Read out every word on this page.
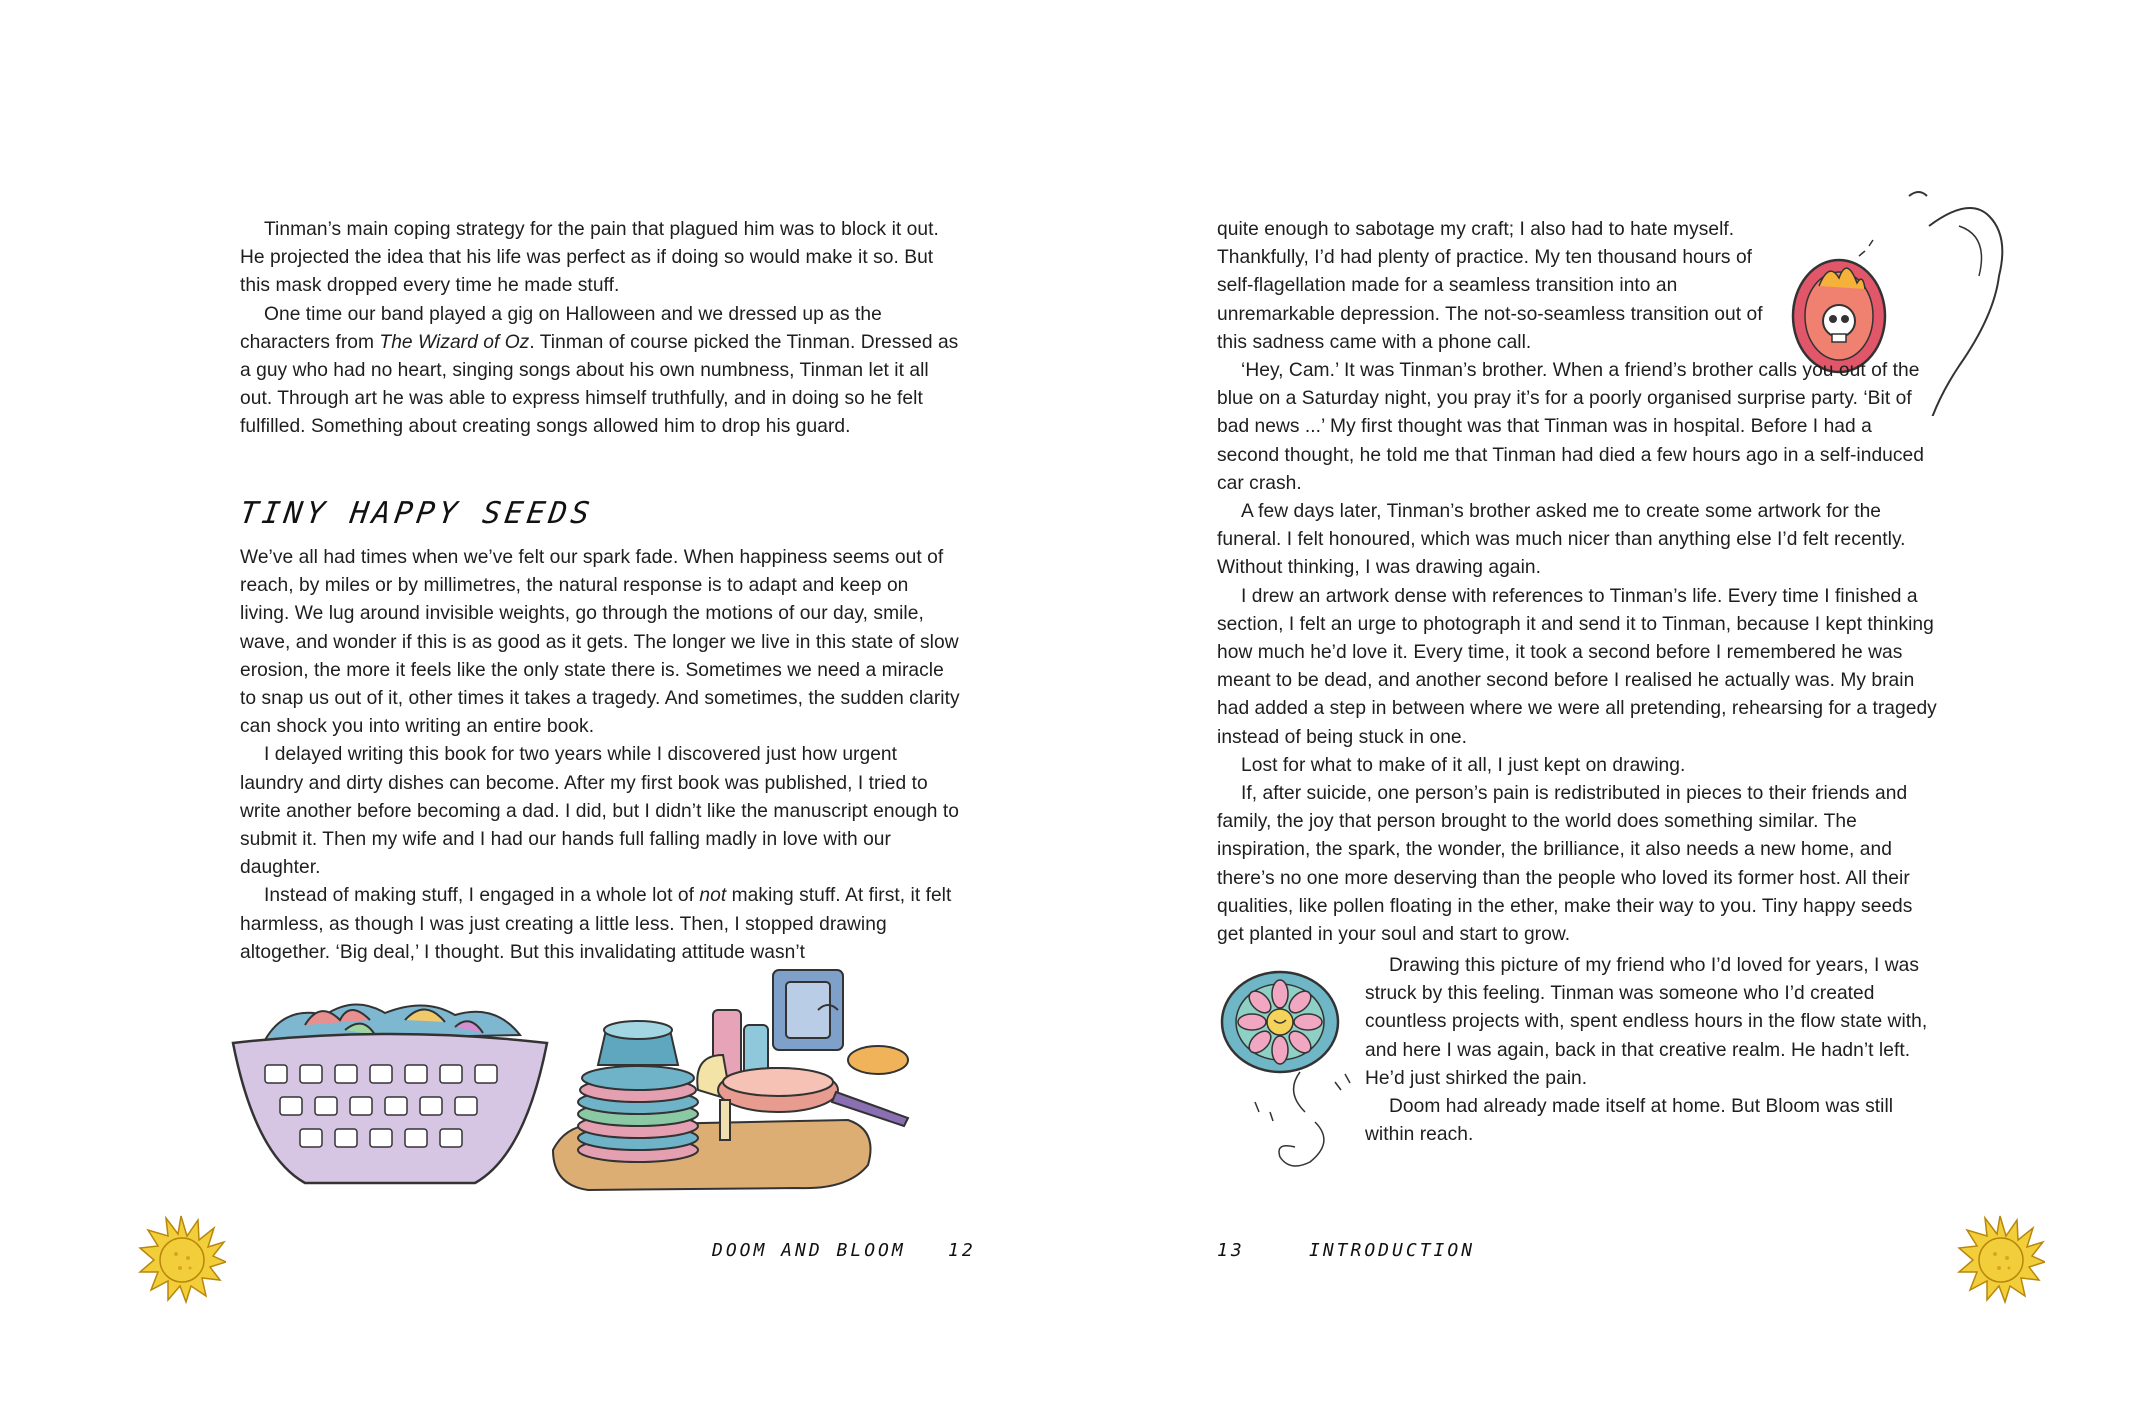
Tinman’s main coping strategy for the pain that plagued him was to block it out. He projected the idea that his life was perfect as if doing so would make it so. But this mask dropped every time he made stuff.

One time our band played a gig on Halloween and we dressed up as the characters from The Wizard of Oz. Tinman of course picked the Tinman. Dressed as a guy who had no heart, singing songs about his own numbness, Tinman let it all out. Through art he was able to express himself truthfully, and in doing so he felt fulfilled. Something about creating songs allowed him to drop his guard.

TINY HAPPY SEEDS

We’ve all had times when we’ve felt our spark fade. When happiness seems out of reach, by miles or by millimetres, the natural response is to adapt and keep on living. We lug around invisible weights, go through the motions of our day, smile, wave, and wonder if this is as good as it gets. The longer we live in this state of slow erosion, the more it feels like the only state there is. Sometimes we need a miracle to snap us out of it, other times it takes a tragedy. And sometimes, the sudden clarity can shock you into writing an entire book.

I delayed writing this book for two years while I discovered just how urgent laundry and dirty dishes can become. After my first book was published, I tried to write another before becoming a dad. I did, but I didn’t like the manuscript enough to submit it. Then my wife and I had our hands full falling madly in love with our daughter.

Instead of making stuff, I engaged in a whole lot of not making stuff. At first, it felt harmless, as though I was just creating a little less. Then, I stopped drawing altogether. ‘Big deal,’ I thought. But this invalidating attitude wasn’t

DOOM AND BLOOM 12

quite enough to sabotage my craft; I also had to hate myself. Thankfully, I’d had plenty of practice. My ten thousand hours of self-flagellation made for a seamless transition into an unremarkable depression. The not-so-seamless transition out of this sadness came with a phone call.

‘Hey, Cam.’ It was Tinman’s brother. When a friend’s brother calls you out of the blue on a Saturday night, you pray it’s for a poorly organised surprise party. ‘Bit of bad news ...’ My first thought was that Tinman was in hospital. Before I had a second thought, he told me that Tinman had died a few hours ago in a self-induced car crash.

A few days later, Tinman’s brother asked me to create some artwork for the funeral. I felt honoured, which was much nicer than anything else I’d felt recently. Without thinking, I was drawing again.

I drew an artwork dense with references to Tinman’s life. Every time I finished a section, I felt an urge to photograph it and send it to Tinman, because I kept thinking how much he’d love it. Every time, it took a second before I remembered he was meant to be dead, and another second before I realised he actually was. My brain had added a step in between where we were all pretending, rehearsing for a tragedy instead of being stuck in one.

Lost for what to make of it all, I just kept on drawing.

If, after suicide, one person’s pain is redistributed in pieces to their friends and family, the joy that person brought to the world does something similar. The inspiration, the spark, the wonder, the brilliance, it also needs a new home, and there’s no one more deserving than the people who loved its former host. All their qualities, like pollen floating in the ether, make their way to you. Tiny happy seeds get planted in your soul and start to grow.

Drawing this picture of my friend who I’d loved for years, I was struck by this feeling. Tinman was someone who I’d created countless projects with, spent endless hours in the flow state with, and here I was again, back in that creative realm. He hadn’t left. He’d just shirked the pain.

Doom had already made itself at home. But Bloom was still within reach.

13	INTRODUCTION
